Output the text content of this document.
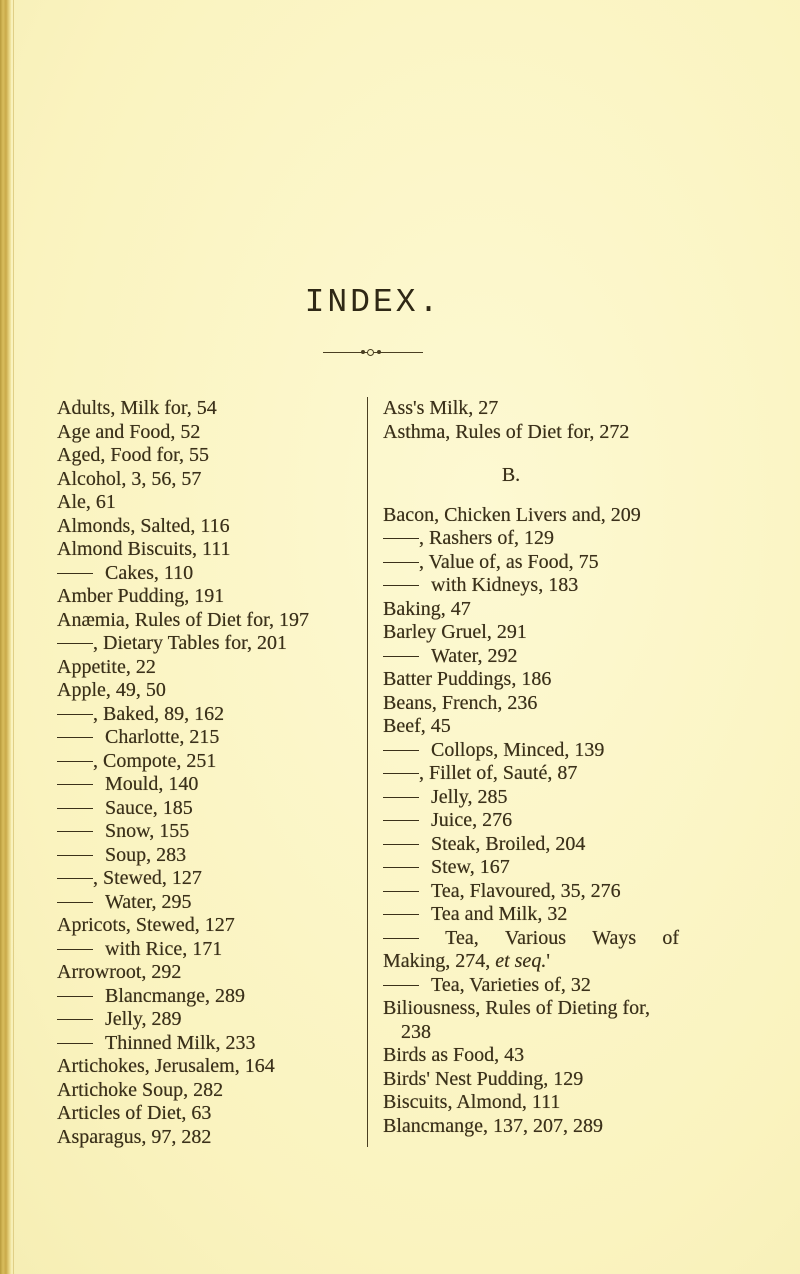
INDEX.
Adults, Milk for, 54
Age and Food, 52
Aged, Food for, 55
Alcohol, 3, 56, 57
Ale, 61
Almonds, Salted, 116
Almond Biscuits, 111
Cakes, 110
Amber Pudding, 191
Anæmia, Rules of Diet for, 197
, Dietary Tables for, 201
Appetite, 22
Apple, 49, 50
, Baked, 89, 162
Charlotte, 215
, Compote, 251
Mould, 140
Sauce, 185
Snow, 155
Soup, 283
, Stewed, 127
Water, 295
Apricots, Stewed, 127
with Rice, 171
Arrowroot, 292
Blancmange, 289
Jelly, 289
Thinned Milk, 233
Artichokes, Jerusalem, 164
Artichoke Soup, 282
Articles of Diet, 63
Asparagus, 97, 282
Ass's Milk, 27
Asthma, Rules of Diet for, 272
B.
Bacon, Chicken Livers and, 209
, Rashers of, 129
, Value of, as Food, 75
with Kidneys, 183
Baking, 47
Barley Gruel, 291
Water, 292
Batter Puddings, 186
Beans, French, 236
Beef, 45
Collops, Minced, 139
, Fillet of, Sauté, 87
Jelly, 285
Juice, 276
Steak, Broiled, 204
Stew, 167
Tea, Flavoured, 35, 276
Tea and Milk, 32
Tea, Various Ways of
Making, 274, et seq.'
Tea, Varieties of, 32
Biliousness, Rules of Dieting for,
238
Birds as Food, 43
Birds' Nest Pudding, 129
Biscuits, Almond, 111
Blancmange, 137, 207, 289
